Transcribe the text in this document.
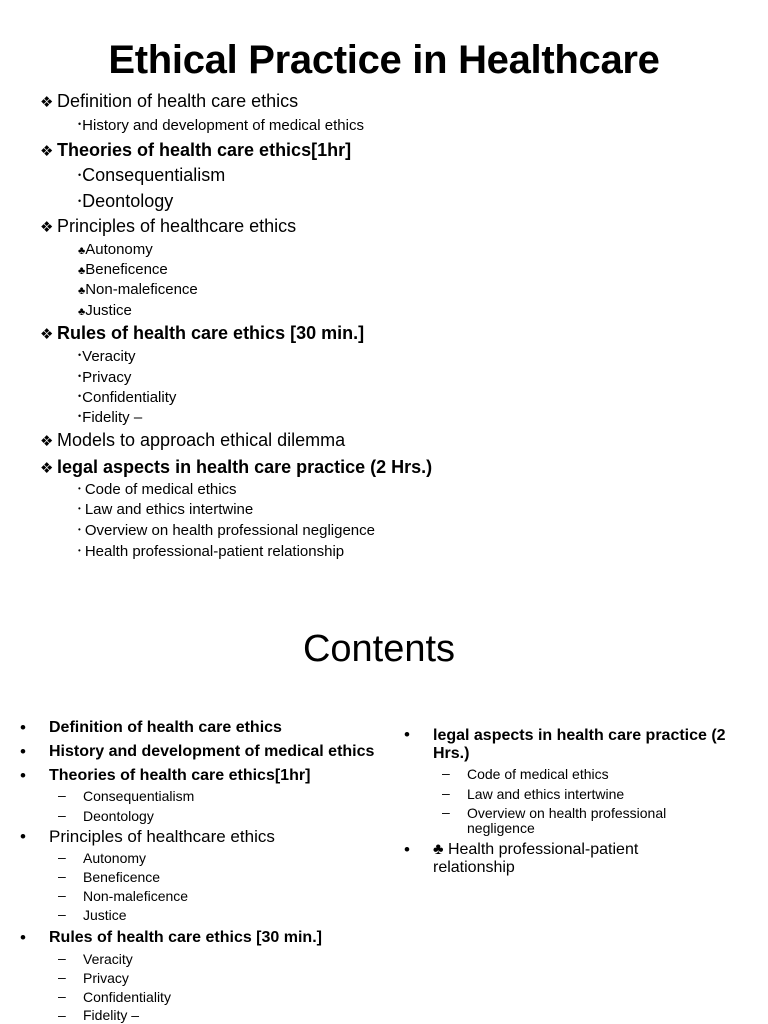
Ethical Practice in Healthcare
❖ Definition of health care ethics
•History and development of medical ethics
❖ Theories of health care ethics[1hr]
•Consequentialism
•Deontology
❖ Principles of healthcare ethics
♣Autonomy
♣Beneficence
♣Non-maleficence
♣Justice
❖ Rules of health care ethics [30 min.]
•Veracity
•Privacy
•Confidentiality
•Fidelity –
❖ Models to approach ethical dilemma
❖ legal aspects in health care practice (2 Hrs.)
• Code of medical ethics
• Law and ethics intertwine
• Overview on health professional negligence
• Health professional-patient relationship
Contents
• Definition of health care ethics
• History and development of medical ethics
• Theories of health care ethics[1hr]
– Consequentialism
– Deontology
• Principles of healthcare ethics
– Autonomy
– Beneficence
– Non-maleficence
– Justice
• Rules of health care ethics [30 min.]
– Veracity
– Privacy
– Confidentiality
– Fidelity –
• legal aspects in health care practice (2
Hrs.)
– Code of medical ethics
– Law and ethics intertwine
– Overview on health professional
negligence
• ♣ Health professional-patient
relationship
